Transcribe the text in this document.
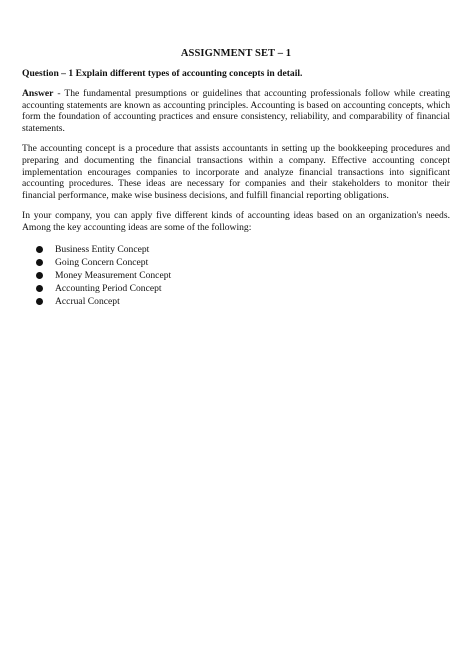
ASSIGNMENT SET – 1
Question – 1 Explain different types of accounting concepts in detail.

Answer - The fundamental presumptions or guidelines that accounting professionals follow while creating accounting statements are known as accounting principles. Accounting is based on accounting concepts, which form the foundation of accounting practices and ensure consistency, reliability, and comparability of financial statements.

The accounting concept is a procedure that assists accountants in setting up the bookkeeping procedures and preparing and documenting the financial transactions within a company. Effective accounting concept implementation encourages companies to incorporate and analyze financial transactions into significant accounting procedures. These ideas are necessary for companies and their stakeholders to monitor their financial performance, make wise business decisions, and fulfill financial reporting obligations.

In your company, you can apply five different kinds of accounting ideas based on an organization's needs. Among the key accounting ideas are some of the following:

Business Entity Concept
Going Concern Concept
Money Measurement Concept
Accounting Period Concept
Accrual Concept
